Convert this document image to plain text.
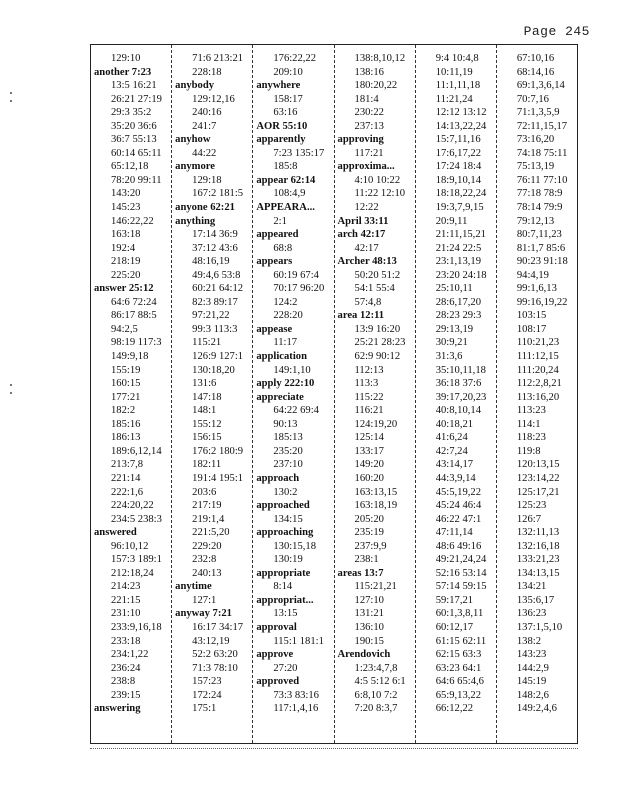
Page 245
129:10
another 7:23
13:5 16:21
26:21 27:19
29:3 35:2
35:20 36:6
36:7 55:13
60:14 65:11
65:12,18
78:20 99:11
143:20
145:23
146:22,22
163:18
192:4
218:19
225:20
answer 25:12
64:6 72:24
86:17 88:5
94:2,5
98:19 117:3
149:9,18
155:19
160:15
177:21
182:2
185:16
186:13
189:6,12,14
213:7,8
221:14
222:1,6
224:20,22
234:5 238:3
answered
96:10,12
157:3 189:1
212:18,24
214:23
221:15
231:10
233:9,16,18
233:18
234:1,22
236:24
238:8
239:15
answering
71:6 213:21
228:18
anybody
129:12,16
240:16
241:7
anyhow
44:22
anymore
129:18
167:2 181:5
anyone 62:21
anything
17:14 36:9
37:12 43:6
48:16,19
49:4,6 53:8
60:21 64:12
82:3 89:17
97:21,22
99:3 113:3
115:21
126:9 127:1
130:18,20
131:6
147:18
148:1
155:12
156:15
176:2 180:9
182:11
191:4 195:1
203:6
217:19
219:1,4
221:5,20
229:20
232:8
240:13
anytime
127:1
anyway 7:21
16:17 34:17
43:12,19
52:2 63:20
71:3 78:10
157:23
172:24
175:1
176:22,22
209:10
anywhere
158:17
63:16
AOR 55:10
apparently
7:23 135:17
185:8
appear 62:14
108:4,9
APPEARA...
2:1
appeared
68:8
appears
60:19 67:4
70:17 96:20
124:2
228:20
appease
11:17
application
149:1,10
apply 222:10
appreciate
64:22 69:4
90:13
185:13
235:20
237:10
approach
130:2
approached
134:15
approaching
130:15,18
130:19
appropriate
8:14
appropriat...
13:15
approval
115:1 181:1
approve
27:20
approved
73:3 83:16
117:1,4,16
138:8,10,12
138:16
180:20,22
181:4
230:22
237:13
approving
117:21
approxima...
4:10 10:22
11:22 12:10
12:22
April 33:11
arch 42:17
42:17
Archer 48:13
50:20 51:2
54:1 55:4
57:4,8
area 12:11
13:9 16:20
25:21 28:23
62:9 90:12
112:13
113:3
115:22
116:21
124:19,20
125:14
133:17
149:20
160:20
163:13,15
163:18,19
205:20
235:19
237:9,9
238:1
areas 13:7
115:21,21
127:10
131:21
136:10
190:15
Arendovich
1:23:4,7,8
4:5 5:12 6:1
6:8,10 7:2
7:20 8:3,7
9:4 10:4,8
10:11,19
11:1,11,18
11:21,24
12:12 13:12
14:13,22,24
15:7,11,16
17:6,17,22
17:24 18:4
18:9,10,14
18:18,22,24
19:3,7,9,15
20:9,11
21:11,15,21
21:24 22:5
23:1,13,19
23:20 24:18
25:10,11
28:6,17,20
28:23 29:3
29:13,19
30:9,21
31:3,6
35:10,11,18
36:18 37:6
39:17,20,23
40:8,10,14
40:18,21
41:6,24
42:7,24
43:14,17
44:3,9,14
45:5,19,22
45:24 46:4
46:22 47:1
47:11,14
48:6 49:16
49:21,24,24
52:16 53:14
57:14 59:15
59:17,21
60:1,3,8,11
60:12,17
61:15 62:11
62:15 63:3
63:23 64:1
64:6 65:4,6
65:9,13,22
66:12,22
67:10,16
68:14,16
69:1,3,6,14
70:7,16
71:1,3,5,9
72:11,15,17
73:16,20
74:18 75:11
75:13,19
76:11 77:10
77:18 78:9
78:14 79:9
79:12,13
80:7,11,23
81:1,7 85:6
90:23 91:18
94:4,19
99:1,6,13
99:16,19,22
103:15
108:17
110:21,23
111:12,15
111:20,24
112:2,8,21
113:16,20
113:23
114:1
118:23
119:8
120:13,15
123:14,22
125:17,21
125:23
126:7
132:11,13
132:16,18
133:21,23
134:13,15
134:21
135:6,17
136:23
137:1,5,10
138:2
143:23
144:2,9
145:19
148:2,6
149:2,4,6
